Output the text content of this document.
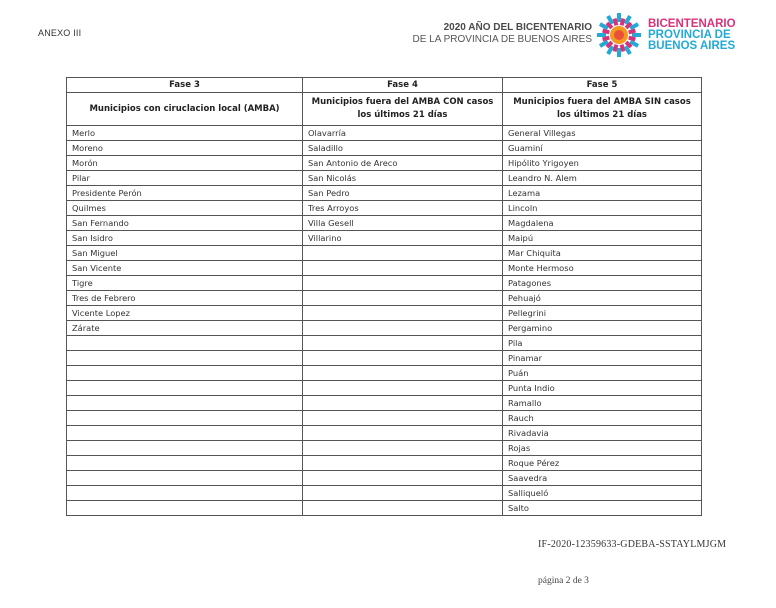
ANEXO III	2020 AÑO DEL BICENTENARIO
DE LA PROVINCIA DE BUENOS AIRES
BICENTENARIO
PROVINCIA DE
BUENOS AIRES
Fase 3	Fase 4	Fase 5
Municipios con ciruclacion local (AMBA)	Municipios fuera del AMBA CON casos los últimos 21 días	Municipios fuera del AMBA SIN casos los últimos 21 días
Merlo	Olavarría	General Villegas
Moreno	Saladillo	Guaminí
Morón	San Antonio de Areco	Hipólito Yrigoyen
Pilar	San Nicolás	Leandro N. Alem
Presidente Perón	San Pedro	Lezama
Quilmes	Tres Arroyos	Lincoln
San Fernando	Villa Gesell	Magdalena
San Isidro	Villarino	Maipú
San Miguel		Mar Chiquita
San Vicente		Monte Hermoso
Tigre		Patagones
Tres de Febrero		Pehuajó
Vicente Lopez		Pellegrini
Zárate		Pergamino
		Pila
		Pinamar
		Puán
		Punta Indio
		Ramallo
		Rauch
		Rivadavia
		Rojas
		Roque Pérez
		Saavedra
		Salliqueló
		Salto
IF-2020-12359633-GDEBA-SSTAYLMJGM
página 2 de 3
